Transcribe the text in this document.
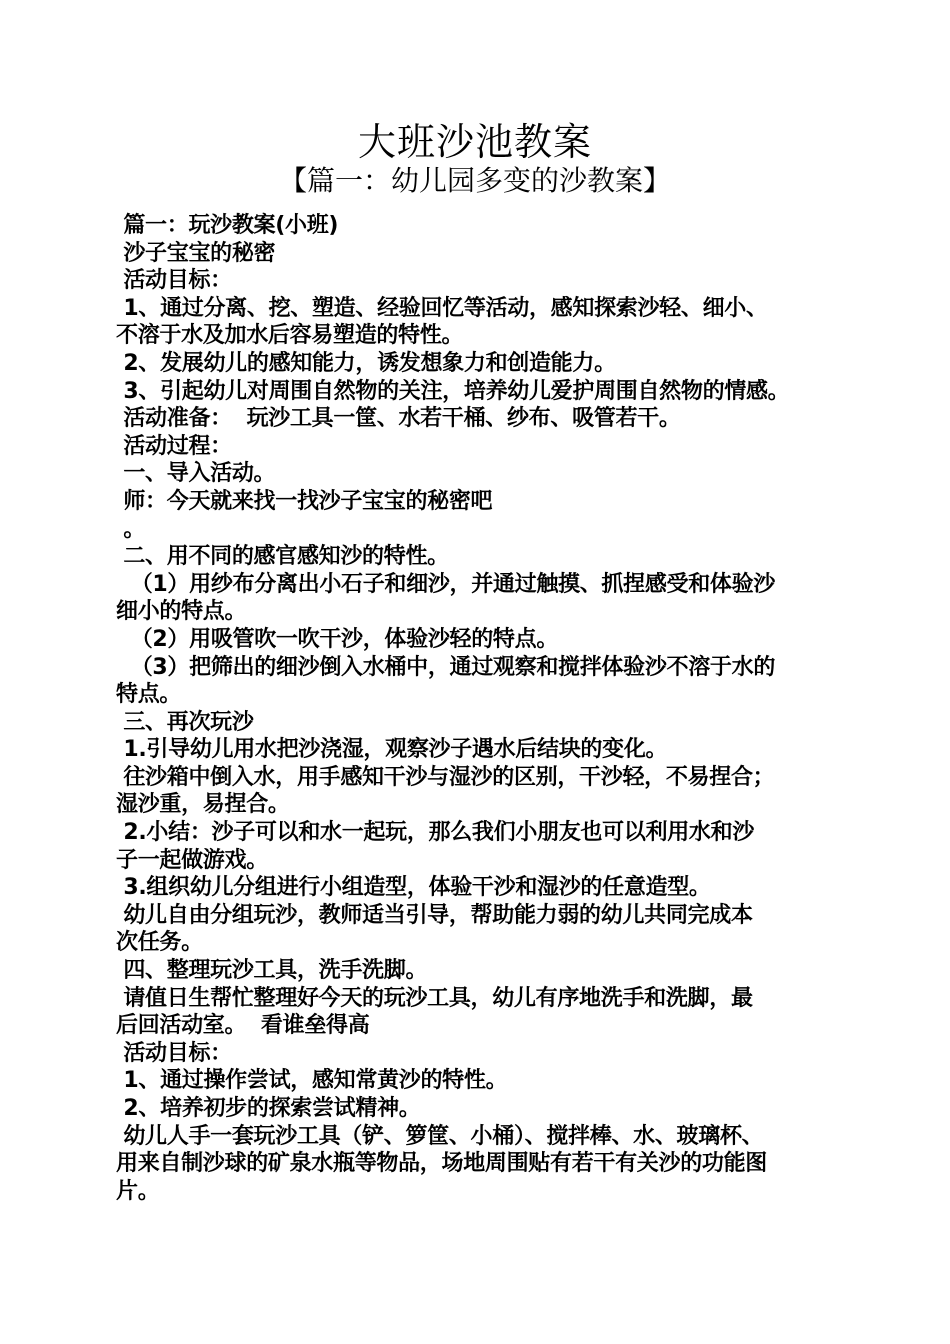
大班沙池教案
【篇一：幼儿园多变的沙教案】
篇一：玩沙教案(小班)
沙子宝宝的秘密
活动目标：
1、通过分离、挖、塑造、经验回忆等活动，感知探索沙轻、细小、
不溶于水及加水后容易塑造的特性。
2、发展幼儿的感知能力，诱发想象力和创造能力。
3、引起幼儿对周围自然物的关注，培养幼儿爱护周围自然物的情感。
活动准备：  玩沙工具一筐、水若干桶、纱布、吸管若干。
活动过程：
一、导入活动。
师：今天就来找一找沙子宝宝的秘密吧
。
二、用不同的感官感知沙的特性。
（1）用纱布分离出小石子和细沙，并通过触摸、抓捏感受和体验沙
细小的特点。
（2）用吸管吹一吹干沙，体验沙轻的特点。
（3）把筛出的细沙倒入水桶中，通过观察和搅拌体验沙不溶于水的
特点。
三、再次玩沙
1.引导幼儿用水把沙浇湿，观察沙子遇水后结块的变化。
往沙箱中倒入水，用手感知干沙与湿沙的区别，干沙轻，不易捏合；
湿沙重，易捏合。
2.小结：沙子可以和水一起玩，那么我们小朋友也可以利用水和沙
子一起做游戏。
3.组织幼儿分组进行小组造型，体验干沙和湿沙的任意造型。
幼儿自由分组玩沙，教师适当引导，帮助能力弱的幼儿共同完成本
次任务。
四、整理玩沙工具，洗手洗脚。
请值日生帮忙整理好今天的玩沙工具，幼儿有序地洗手和洗脚，最
后回活动室。  看谁垒得高
活动目标：
1、通过操作尝试，感知常黄沙的特性。
2、培养初步的探索尝试精神。
幼儿人手一套玩沙工具（铲、箩筐、小桶）、搅拌棒、水、玻璃杯、
用来自制沙球的矿泉水瓶等物品，场地周围贴有若干有关沙的功能图
片。
